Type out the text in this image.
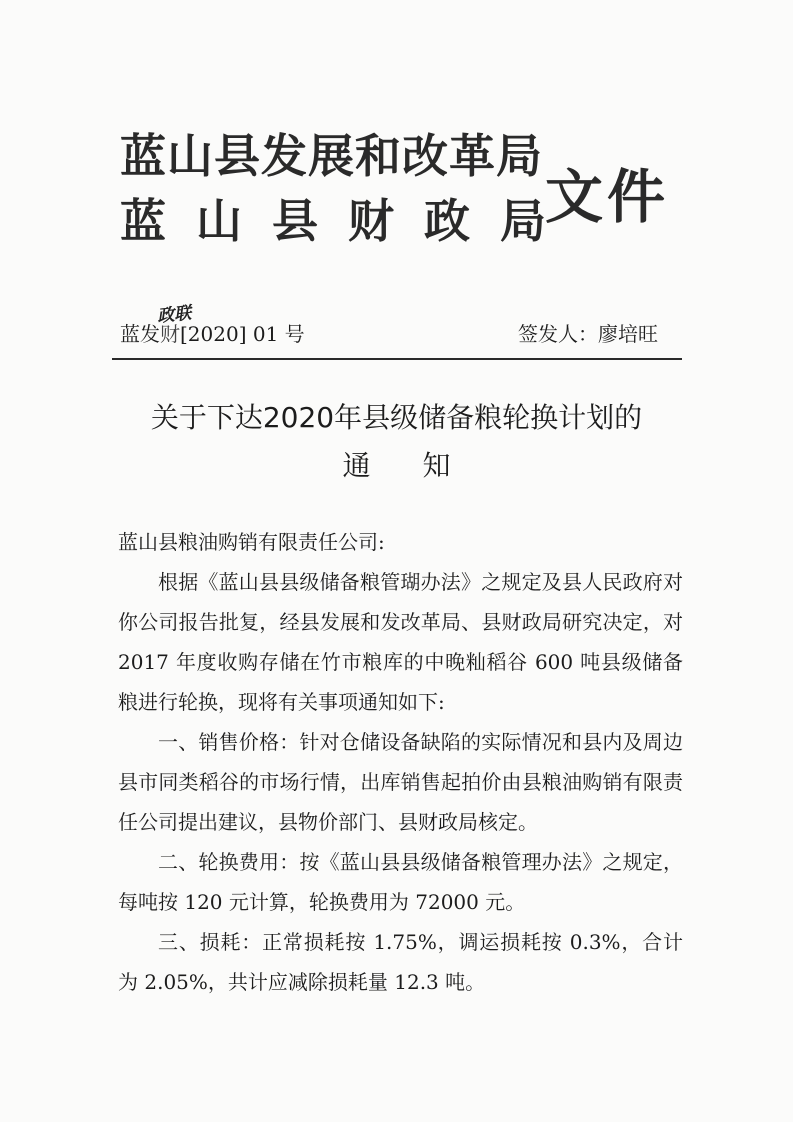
蓝山县发展和改革局
蓝山县财政局
文件
政联
蓝发财[2020] 01 号	签发人：廖培旺
关于下达2020年县级储备粮轮换计划的
通知

蓝山县粮油购销有限责任公司:

根据《蓝山县县级储备粮管瑚办法》之规定及县人民政府对你公司报告批复，经县发展和发改革局、县财政局研究决定，对 2017 年度收购存储在竹市粮库的中晚籼稻谷 600 吨县级储备粮进行轮换，现将有关事项通知如下:

一、销售价格：针对仓储设备缺陷的实际情况和县内及周边县市同类稻谷的市场行情，出库销售起拍价由县粮油购销有限责任公司提出建议，县物价部门、县财政局核定。

二、轮换费用：按《蓝山县县级储备粮管理办法》之规定，每吨按 120 元计算，轮换费用为 72000 元。

三、损耗：正常损耗按 1.75%，调运损耗按 0.3%，合计为 2.05%，共计应减除损耗量 12.3 吨。
